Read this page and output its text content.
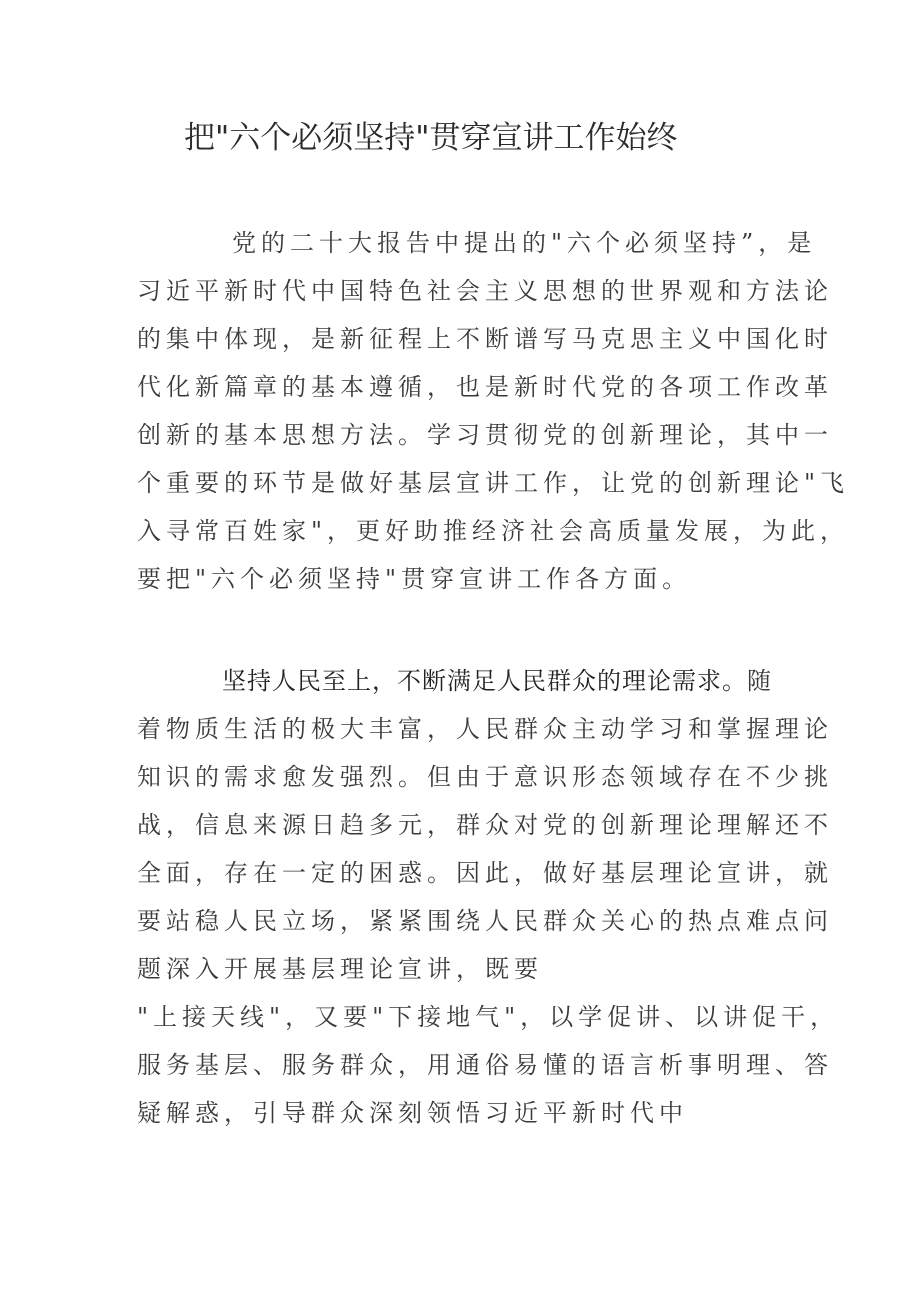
把"六个必须坚持"贯穿宣讲工作始终
党的二十大报告中提出的"六个必须坚持”，是
习近平新时代中国特色社会主义思想的世界观和方法论
的集中体现，是新征程上不断谱写马克思主义中国化时
代化新篇章的基本遵循，也是新时代党的各项工作改革
创新的基本思想方法。学习贯彻党的创新理论，其中一
个重要的环节是做好基层宣讲工作，让党的创新理论"飞
入寻常百姓家"，更好助推经济社会高质量发展，为此，
要把"六个必须坚持"贯穿宣讲工作各方面。
坚持人民至上，不断满足人民群众的理论需求。随
着物质生活的极大丰富，人民群众主动学习和掌握理论
知识的需求愈发强烈。但由于意识形态领域存在不少挑
战，信息来源日趋多元，群众对党的创新理论理解还不
全面，存在一定的困惑。因此，做好基层理论宣讲，就
要站稳人民立场，紧紧围绕人民群众关心的热点难点问
题深入开展基层理论宣讲，既要
"上接天线"，又要"下接地气"，以学促讲、以讲促干，
服务基层、服务群众，用通俗易懂的语言析事明理、答
疑解惑，引导群众深刻领悟习近平新时代中
